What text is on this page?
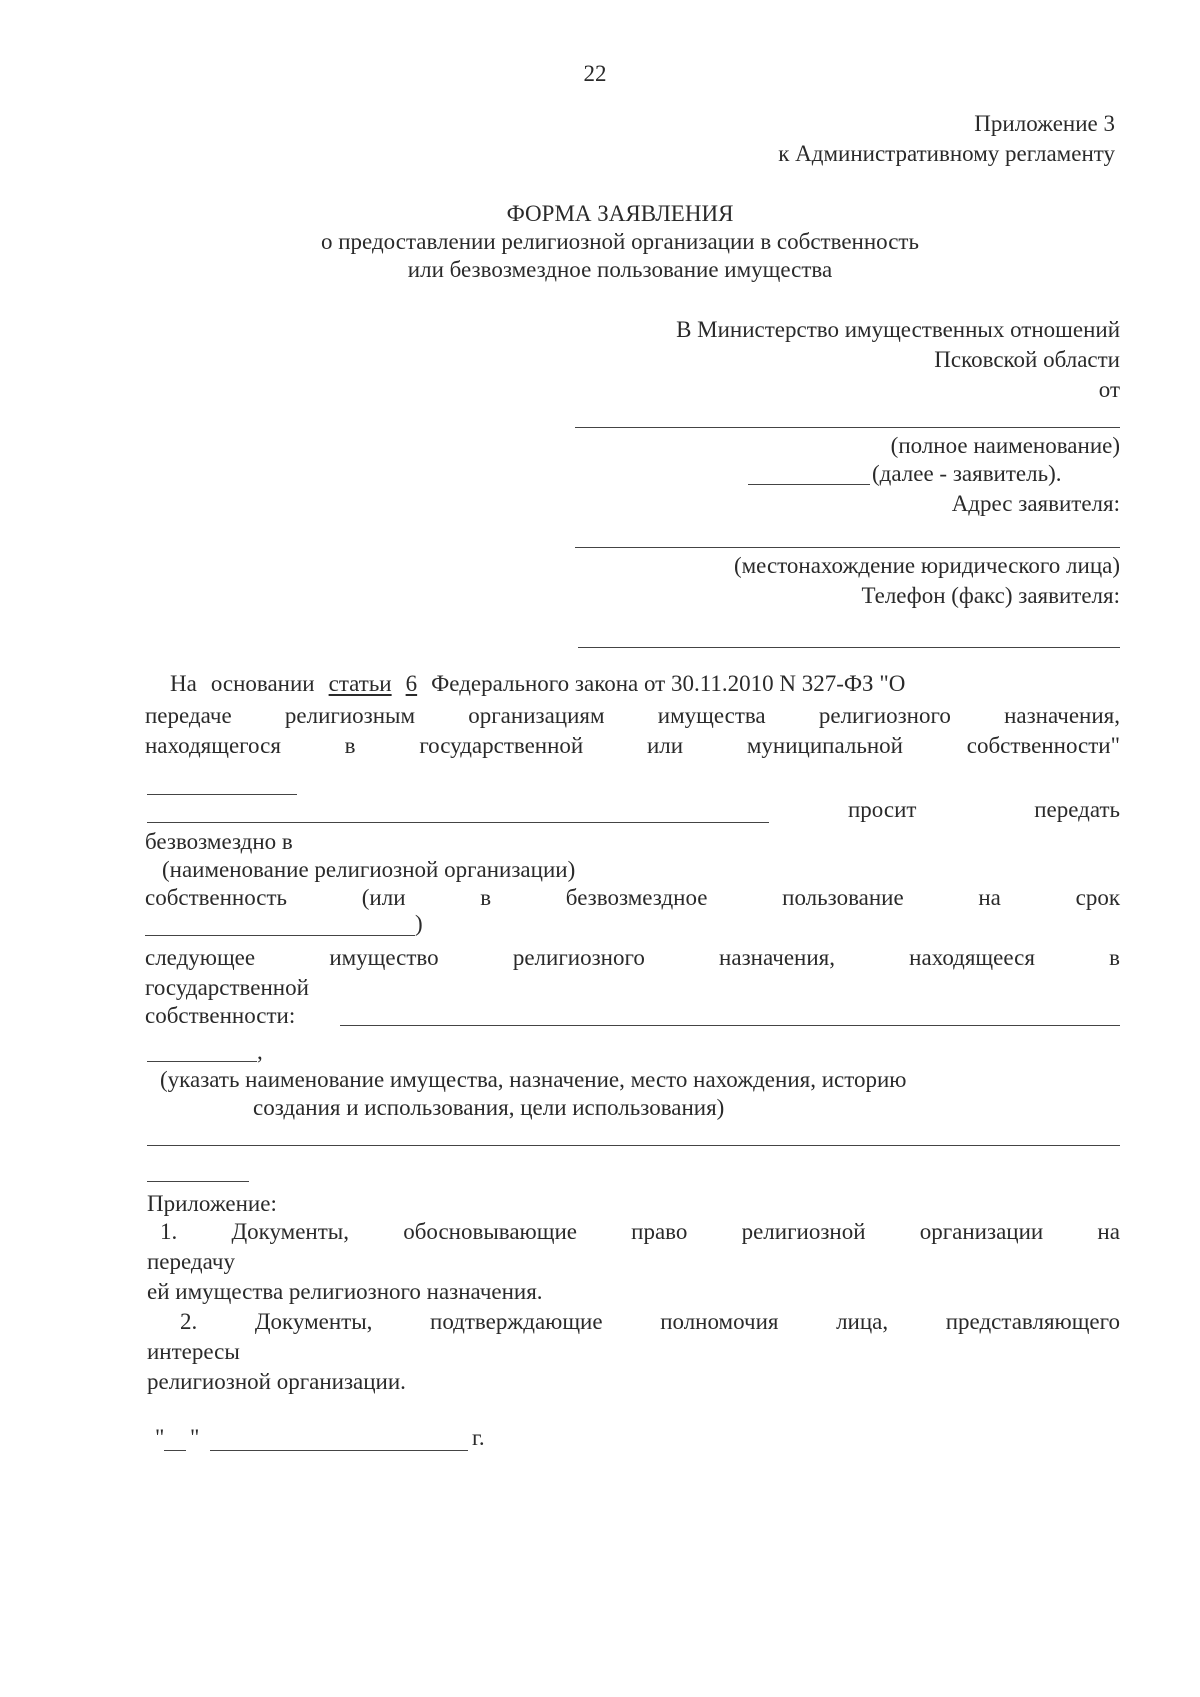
22
Приложение 3
к Административному регламенту
ФОРМА ЗАЯВЛЕНИЯ
о предоставлении религиозной организации в собственность
или безвозмездное пользование имущества
В Министерство имущественных отношений
Псковской области
от
(полное наименование)
(далее - заявитель).
Адрес заявителя:
(местонахождение юридического лица)
Телефон (факс) заявителя:
На основании статьи 6 Федерального закона от 30.11.2010 N 327-ФЗ "О
передаче религиозным организациям имущества религиозного назначения,
находящегося	в	государственной	или	муниципальной	собственности"
просит	передать
безвозмездно в
(наименование религиозной организации)
собственность	(или	в	безвозмездное	пользование	на	срок
)
следующее	имущество	религиозного	назначения,	находящееся	в
государственной
собственности:
,
(указать наименование имущества, назначение, место нахождения, историю
создания и использования, цели использования)
Приложение:
1. Документы, обосновывающие право религиозной организации на
передачу
ей имущества религиозного назначения.
2.	Документы,	подтверждающие	полномочия	лица,	представляющего
интересы
религиозной организации.
" "	г.
